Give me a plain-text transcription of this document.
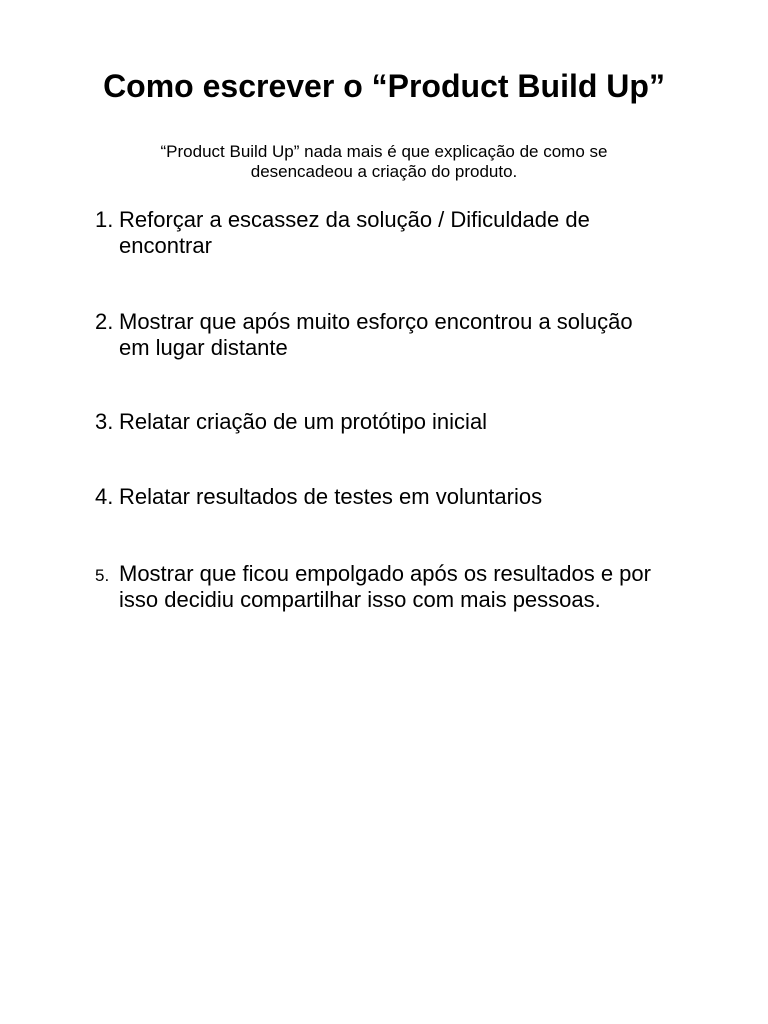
Como escrever o “Product Build Up”

“Product Build Up” nada mais é que explicação de como se
desencadeou a criação do produto.

1. Reforçar a escassez da solução / Dificuldade de
encontrar
2. Mostrar que após muito esforço encontrou a solução
em lugar distante
3. Relatar criação de um protótipo inicial
4. Relatar resultados de testes em voluntarios
5. Mostrar que ficou empolgado após os resultados e por
isso decidiu compartilhar isso com mais pessoas.
